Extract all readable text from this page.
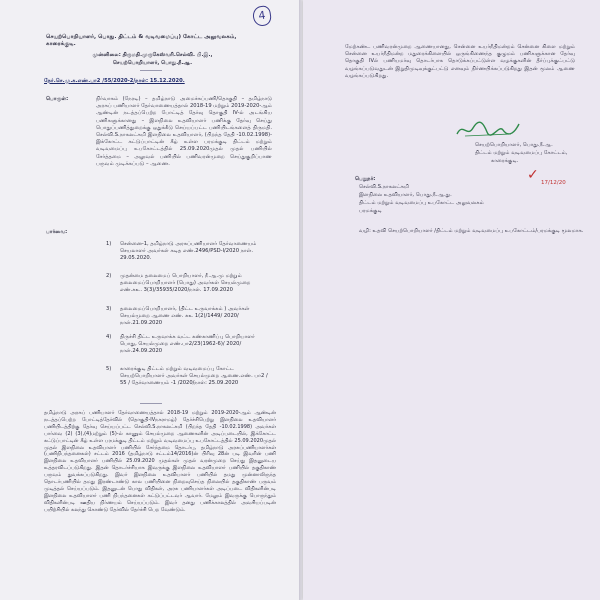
4
செயற்பொறியாளர், பொது. திட்டம் & வடிவமைப்பு) கோட்ட அலுவலகம், காரைக்குடி.
முன்னிலை: திருமதி.முருகேஸ்வரி.செல்வி. பி.இ.,
செயற்பொறியாளர், பொது.நீ.ஆ.
நேர்.செ.மு.க.எண்.பா2 /55/2020-2/நாள்: 15.12.2020.
பொருள்:	நிர்வாகம் (நேரடி) – தமிழ்நாடு அமைச்சுப்பணி/தொகுதி – தமிழ்நாடு அரசுப் பணியாளர் தேர்வாணையத்தால் 2018-19 மற்றும் 2019-2020-ஆம் ஆண்டின் நடத்தப்பெற்ற போட்டித் தேர்வு தொகுதி IV-ல் அடங்கிய பணிகளுக்கானது – இளநிலை உதவியாளர் பணிக்கு தேர்வு செய்து பொதுப்பணித்துறைக்கு ஒதுக்கீடு செய்யப்பட்ட பணியிடங்களைத் திருமதி. செல்வி.S.நாகலட்சுமி இளநிலை உதவியாளர், (பிறந்த தேதி -10.02.1998)- இக்கோட்ட கட்டுப்பாட்டின் கீழ் உள்ள பரமக்குடி திட்டம் மற்றும் வடிவமைப்பு உபகோட்டத்தில் 25.09.2020முதல் முதல் பணியில் சேர்த்தமை – அலுவல் பணியில் பணிவரன்முறை செய்துகுறிப்பாண பருவம் முடிக்கப்படு – ஆணை.
பார்வை:
1) சென்னை-1, தமிழ்நாடு அரசுப்பணியாளர் தேர்வாணையம் செயலாளர் அவர்கள் கடித எண்.2496/PSD-I/2020 நாள். 29.05.2020.
2) முதன்மை தலைமைப் பொறியாளர், நீ.ஆ.மு மற்றும் தலைமைப்பொறியாளர் (பொது) அவர்கள் செயல்முறை எண்.கஉ. 3(3)/35935/2020/நாள். 17.09.2020
3) தலைமைப்பொறியாளர், (திட்ட உருவாக்கம் ) அவர்கள் செயல்முறை ஆணை எண். கஉ 1(2)/1449/ 2020/ நாள்.21.09.2020
4) திருச்சி திட்ட உருவாக்க வட்ட கண்காணிப்பு பொறியாளர் பொது, செயல்முறை எண்.பா2/23(1962-6)/ 2020/ நாள்.24.09.2020
5) காரைக்குடி திட்டம் மற்றும் வடிவமைப்பு கோட்ட செயற்பொறியாளர் அவர்கள் செயல்முறை ஆணை.எண். பா2 / 55 / தேர்வாணையம் -1 /2020/நாள்: 25.09.2020
தமிழ்நாடு அரசுப் பணியாளர் தேர்வாணையத்தால் 2018-19 மற்றும் 2019-2020-ஆம் ஆண்டின் நடத்தப்பெற்ற போட்டித்தேர்வில் (தொகுதி-IVநகராமழ்) தேர்ச்சிபெற்று இளநிலை உதவியாளர் பணியிடத்திற்கு தேர்வு செய்யப்பட்ட செல்வி.S.நாகலட்சுமி (பிறந்த தேதி -10.02.1998) அவர்கள் பார்வை (2) (3),(4)மற்றும் (5)-ல் காணும் செயல்முறை ஆணைகளின் அடிப்படையில், இக்கோட்ட கட்டுப்பாட்டின் கீழ் உள்ள பரமக்குடி திட்டம் மற்றும் வடிவமைப்பு உபகோட்டத்தில் 25.09.2020முதல் முதல் இளநிலை உதவியாளர் பணியில் சேர்ந்தமை தொடர்பு, தமிழ்நாடு அரசுப்பணியாளர்கள் (பணிநிபந்தனைகள்) சட்டம் 2016 (தமிழ்நாடு சட்டம்14/2016)ன் பிரிவு 28ன் படி இவரின் பணி இளநிலை உதவியாளர் பணியில் 25.09.2020 முதல்கள் முதல் வரன்முறை செய்து இதனுடைய உத்தரவிடப்படுகிறது. இதன் தொடர்ச்சியாக இவருக்கு இளநிலை உதவியாளர் பணியில் தகுதிகாண் பருவம் துவக்கப்படுகிறது. இவர் இளநிலை உதவியாளர் பணியில் தமது முன்னாலிருந்த தொடர்பணியில் தமது இரண்டாண்டு கால பணியினை நிறைவுசெய்த நிலையில் தகுதிகாண் பருவம் முடித்தல் செய்யப்படும். இதனுடன் பொது விதிகள், அரசு பணியாளர்கள் அடிப்படை விதிகளின்படி இளநிலை உதவியாளர் பணி நிபந்தனைகள் கட்டுப்பட்டவர் ஆவார். மேலும் இவருக்கு பொருந்தும் விதிகளின்படி ஊதிய நிர்ணயம் செய்யப்படும். இவர் தனது பணிக்காலத்தில் அவசியப்படின் பயிற்சியில் கலந்து கொண்டு தேர்வில் தேர்ச்சி பெற வேண்டும்.
மேற்கண்ட பணிவரன்முறை ஆணையானது, சென்னை உயர்நீதிமன்றம் சென்னை கிளை மற்றும் சென்னை உயர்நீதிமன்ற மதுரைக்கிளையில் ஒருங்கிணைந்த குழுமம் பணிகளுக்கான தேர்வு தொகுதி IVல் பணியமர்வு தொடர்பாக தொடுக்கப்பட்டுள்ள வழக்குகளின் தீர்ப்புக்குட்பட்டு வழங்கப்படுவதுடன் இறுதிமுடிவுக்குட்பட்டு எனவும் நிர்ணயிக்கப்படுகிறது இதன் மூலம் ஆணை வழங்கப்படுகிறது.
செயற்பொறியாளர், பொது.நீ.ஆ.
திட்டம் மற்றும் வடிவமைப்பு கோட்டம்,
காரைக்குடி.
✓ 17/12/20
பெறுநர்:
செல்வி.S.நாகலட்சுமி
இளநிலை உதவியாளர், பொது.நீ.ஆ.து.
திட்டம் மற்றும் வடிவமைப்பு உபகோட்ட அலுவலகம்
பரமக்குடி
வழி: உதவி செயற்பொறியாளர் /திட்டம் மற்றும் வடிவமைப்பு உபகோட்டம்/பரமக்குடி மூலமாக.
